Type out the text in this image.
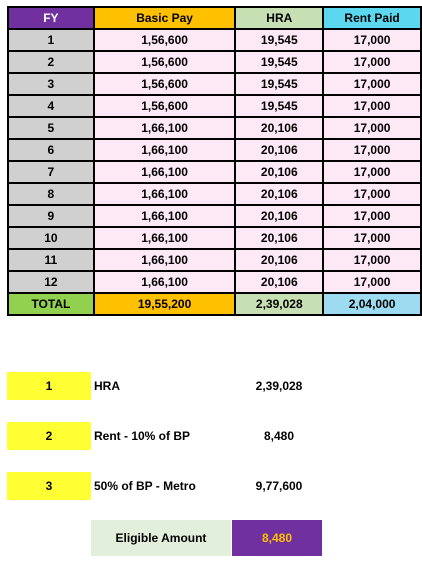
FY	Basic Pay	HRA	Rent Paid
1	1,56,600	19,545	17,000
2	1,56,600	19,545	17,000
3	1,56,600	19,545	17,000
4	1,56,600	19,545	17,000
5	1,66,100	20,106	17,000
6	1,66,100	20,106	17,000
7	1,66,100	20,106	17,000
8	1,66,100	20,106	17,000
9	1,66,100	20,106	17,000
10	1,66,100	20,106	17,000
11	1,66,100	20,106	17,000
12	1,66,100	20,106	17,000
TOTAL	19,55,200	2,39,028	2,04,000
1	HRA	2,39,028
2	Rent - 10% of BP	8,480
3	50% of BP - Metro	9,77,600
Eligible Amount	8,480
